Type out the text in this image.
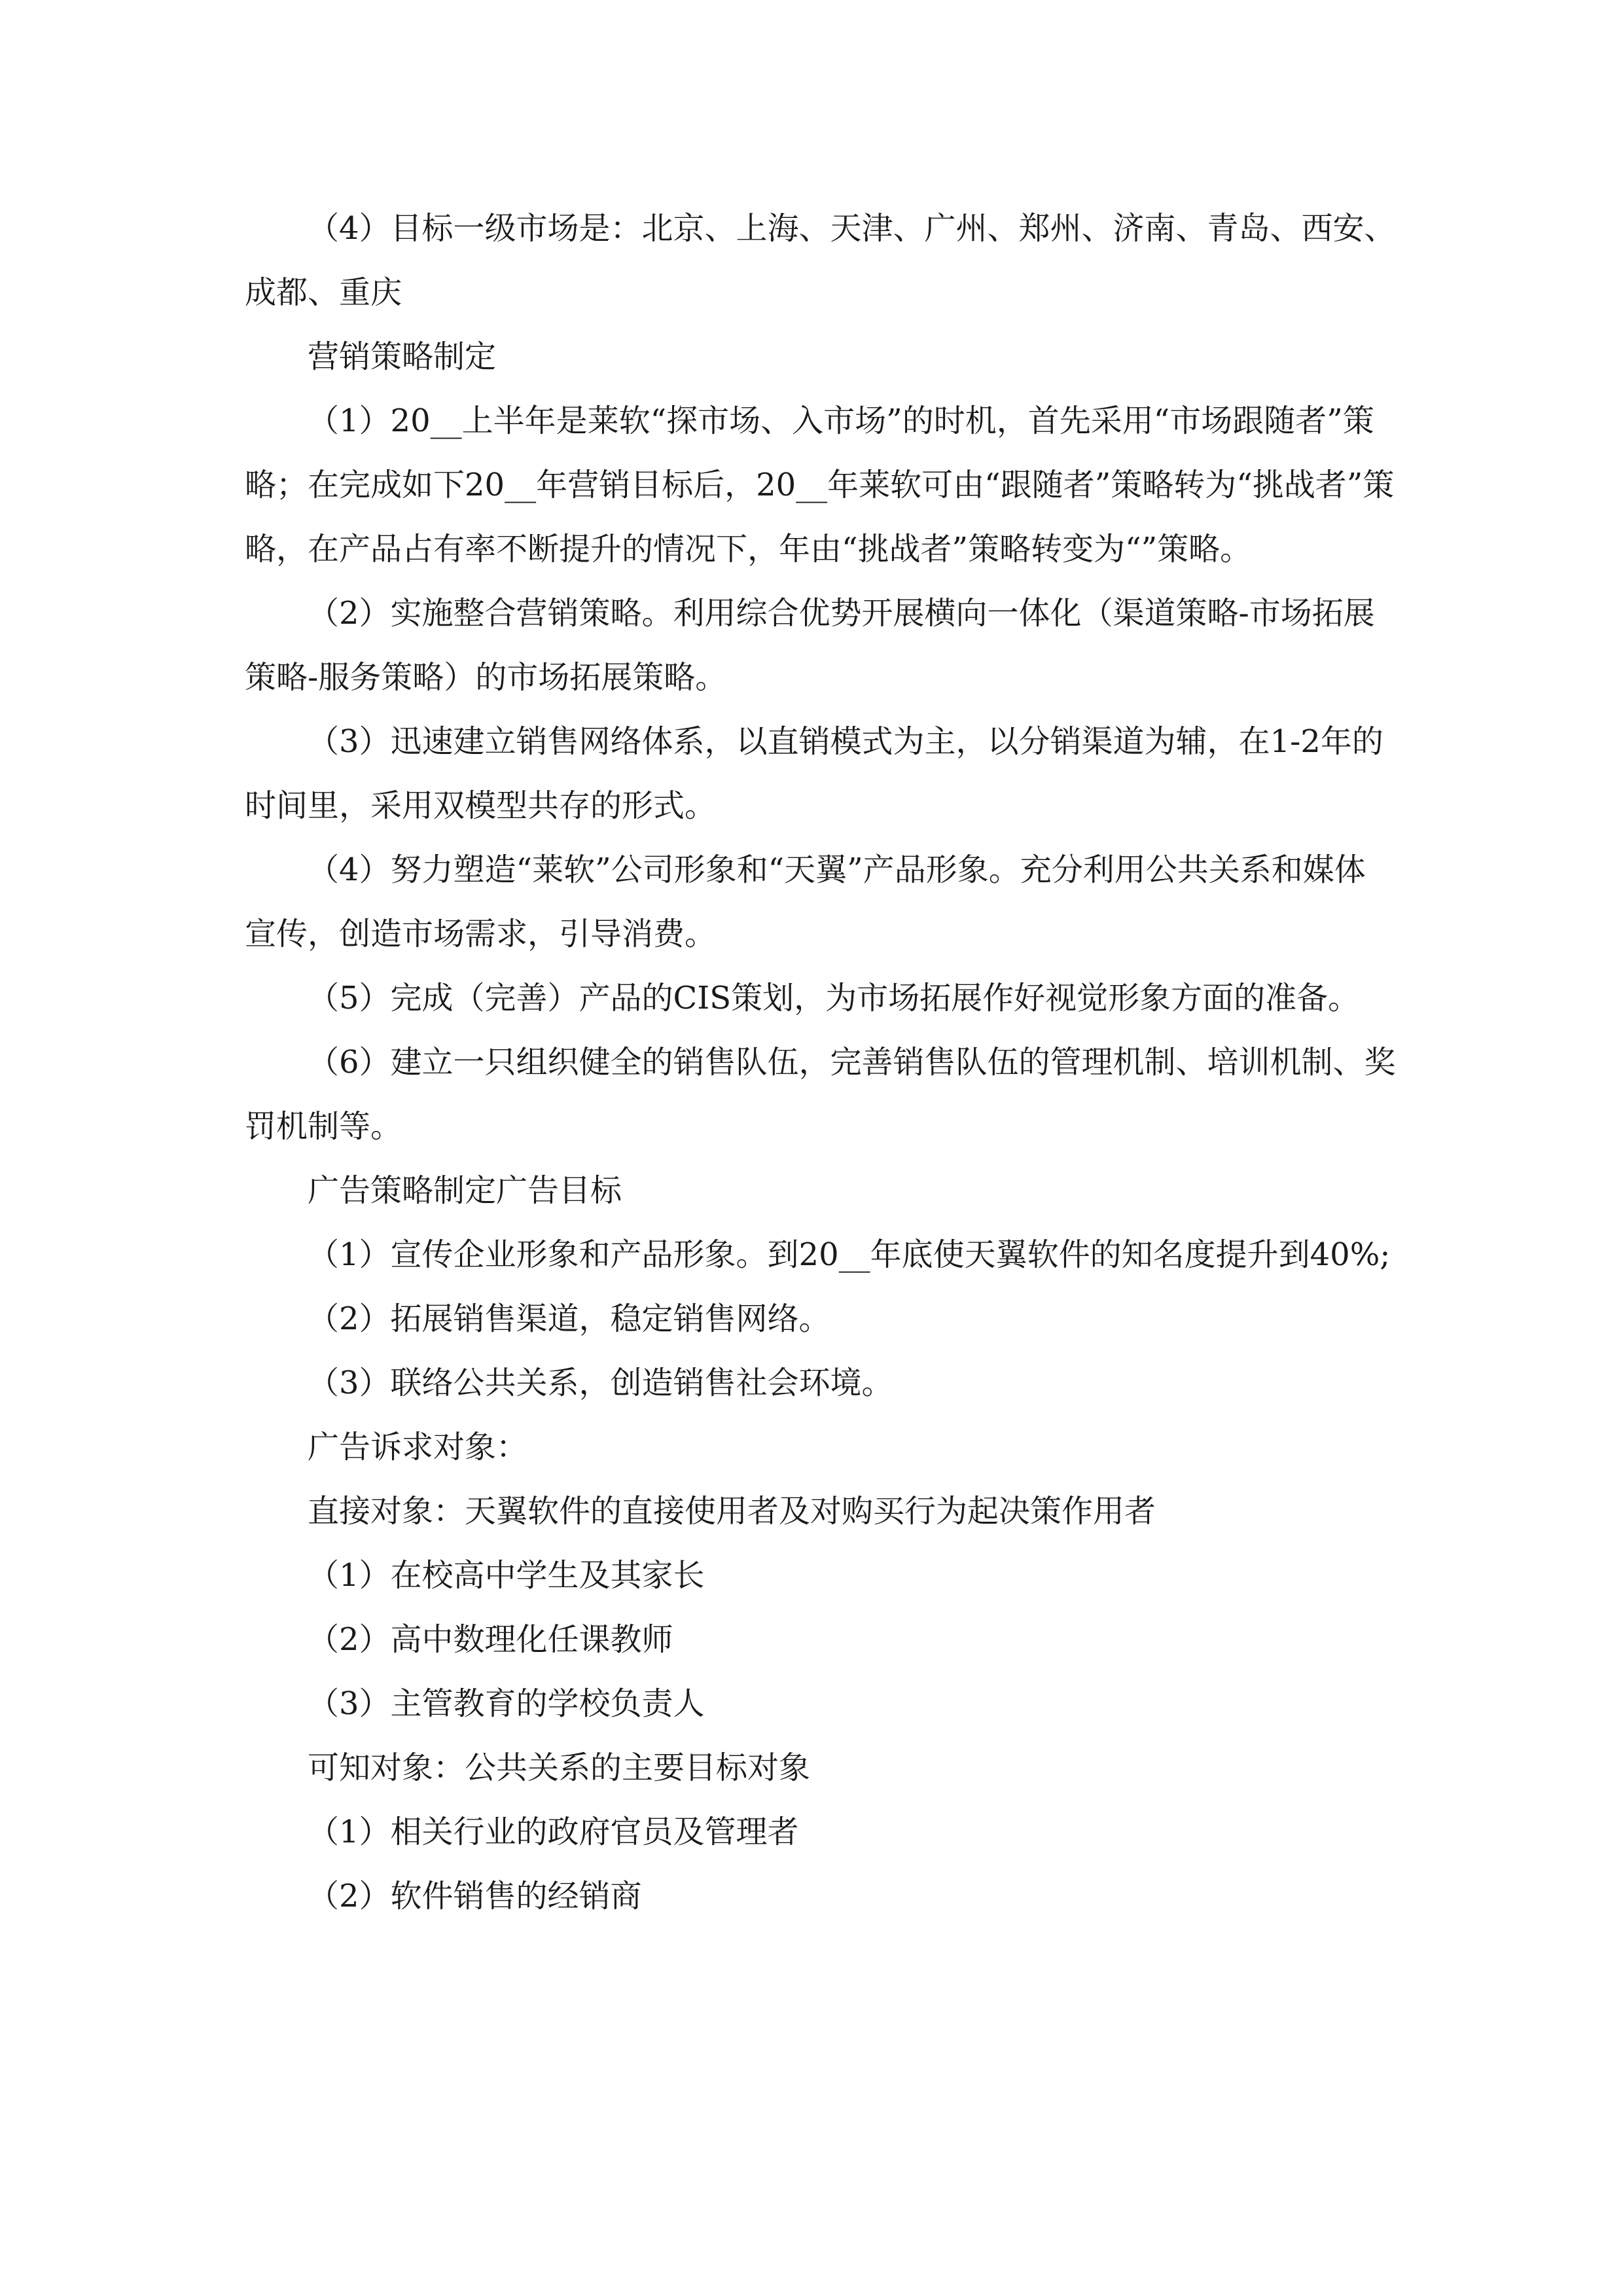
（4）目标一级市场是：北京、上海、天津、广州、郑州、济南、青岛、西安、成都、重庆

营销策略制定

（1）20__上半年是莱软“探市场、入市场”的时机，首先采用“市场跟随者”策略；在完成如下20__年营销目标后，20__年莱软可由“跟随者”策略转为“挑战者”策略，在产品占有率不断提升的情况下，年由“挑战者”策略转变为“”策略。

（2）实施整合营销策略。利用综合优势开展横向一体化（渠道策略-市场拓展策略-服务策略）的市场拓展策略。

（3）迅速建立销售网络体系，以直销模式为主，以分销渠道为辅，在1-2年的时间里，采用双模型共存的形式。

（4）努力塑造“莱软”公司形象和“天翼”产品形象。充分利用公共关系和媒体宣传，创造市场需求，引导消费。

（5）完成（完善）产品的CIS策划，为市场拓展作好视觉形象方面的准备。

（6）建立一只组织健全的销售队伍，完善销售队伍的管理机制、培训机制、奖罚机制等。

广告策略制定广告目标

（1）宣传企业形象和产品形象。到20__年底使天翼软件的知名度提升到40%;

（2）拓展销售渠道，稳定销售网络。

（3）联络公共关系，创造销售社会环境。

广告诉求对象：

直接对象：天翼软件的直接使用者及对购买行为起决策作用者

（1）在校高中学生及其家长

（2）高中数理化任课教师

（3）主管教育的学校负责人

可知对象：公共关系的主要目标对象

（1）相关行业的政府官员及管理者

（2）软件销售的经销商
